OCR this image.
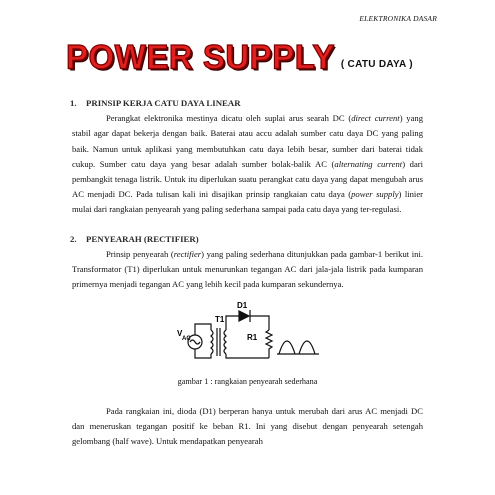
ELEKTRONIKA DASAR
POWER SUPPLY ( CATU DAYA )
1. PRINSIP KERJA CATU DAYA LINEAR

Perangkat elektronika mestinya dicatu oleh suplai arus searah DC (direct current) yang stabil agar dapat bekerja dengan baik. Baterai atau accu adalah sumber catu daya DC yang paling baik. Namun untuk aplikasi yang membutuhkan catu daya lebih besar, sumber dari baterai tidak cukup. Sumber catu daya yang besar adalah sumber bolak-balik AC (alternating current) dari pembangkit tenaga listrik. Untuk itu diperlukan suatu perangkat catu daya yang dapat mengubah arus AC menjadi DC. Pada tulisan kali ini disajikan prinsip rangkaian catu daya (power supply) linier mulai dari rangkaian penyearah yang paling sederhana sampai pada catu daya yang ter-regulasi.

2. PENYEARAH (RECTIFIER)

Prinsip penyearah (rectifier) yang paling sederhana ditunjukkan pada gambar-1 berikut ini. Transformator (T1) diperlukan untuk menurunkan tegangan AC dari jala-jala listrik pada kumparan primernya menjadi tegangan AC yang lebih kecil pada kumparan sekundernya.

D1
T1
R1
V
AC
gambar 1 : rangkaian penyearah sederhana

Pada rangkaian ini, dioda (D1) berperan hanya untuk merubah dari arus AC menjadi DC dan meneruskan tegangan positif ke beban R1. Ini yang disebut dengan penyearah setengah gelombang (half wave). Untuk mendapatkan penyearah
